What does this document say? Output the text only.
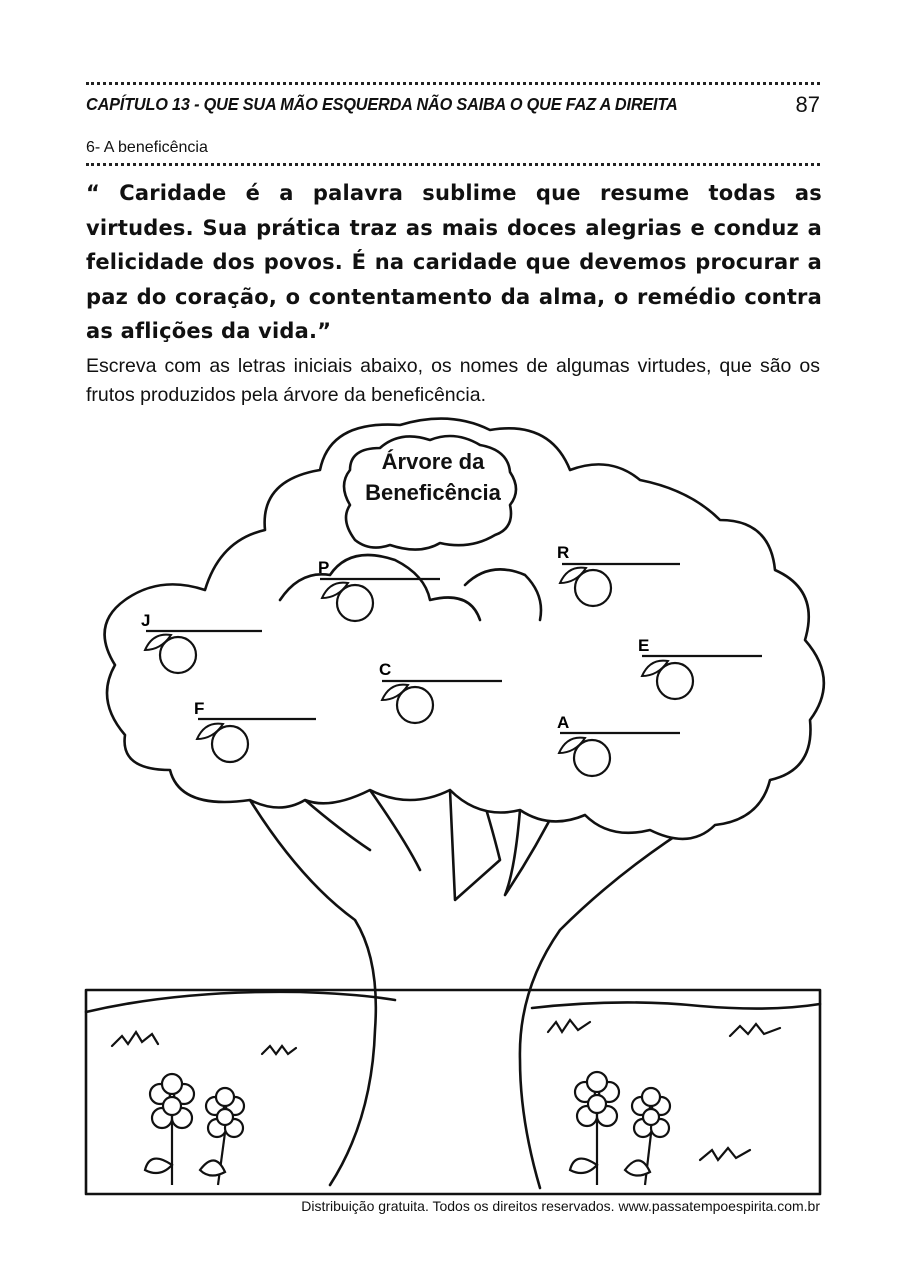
CAPÍTULO 13 - QUE SUA MÃO ESQUERDA NÃO SAIBA O QUE FAZ A DIREITA	87
6- A beneficência
“ Caridade é a palavra sublime que resume todas as virtudes. Sua prática traz as mais doces alegrias e conduz a felicidade dos povos. É na caridade que devemos procurar a paz do coração, o contentamento da alma, o remédio contra as aflições da vida.”
Escreva com as letras iniciais abaixo, os nomes de algumas virtudes, que são os frutos produzidos pela árvore da beneficência.
Árvore da
Beneficência
P
R
J
E
C
F
A
Distribuição gratuita. Todos os direitos reservados. www.passatempoespirita.com.br
